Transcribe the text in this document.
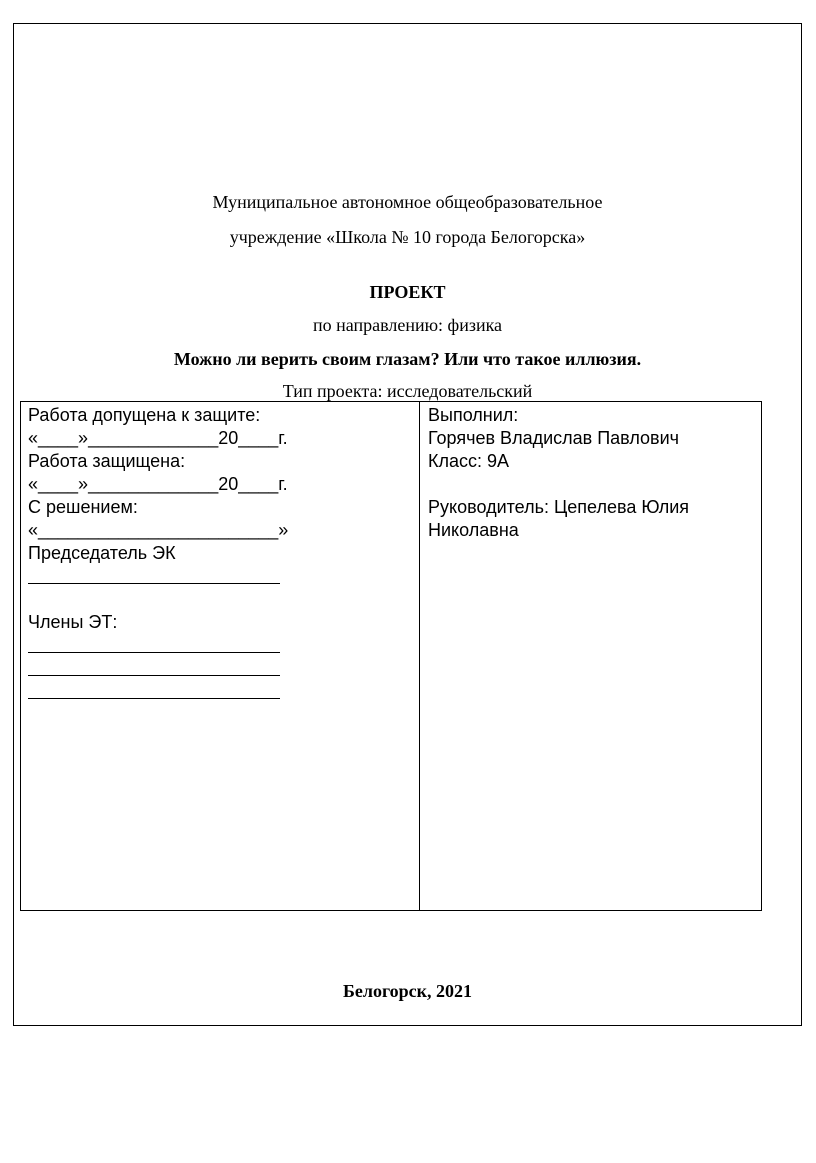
Муниципальное автономное общеобразовательное
учреждение «Школа № 10 города Белогорска»
ПРОЕКТ
по направлению: физика
Можно ли верить своим глазам? Или что такое иллюзия.
Тип проекта: исследовательский
Работа допущена к защите:
«____»_____________20____г.
Работа защищена:
«____»_____________20____г.
С решением:
«________________________»
Председатель ЭК
Члены ЭТ:
Выполнил:
Горячев Владислав Павлович
Класс: 9А
Руководитель: Цепелева Юлия Николавна
Белогорск, 2021
